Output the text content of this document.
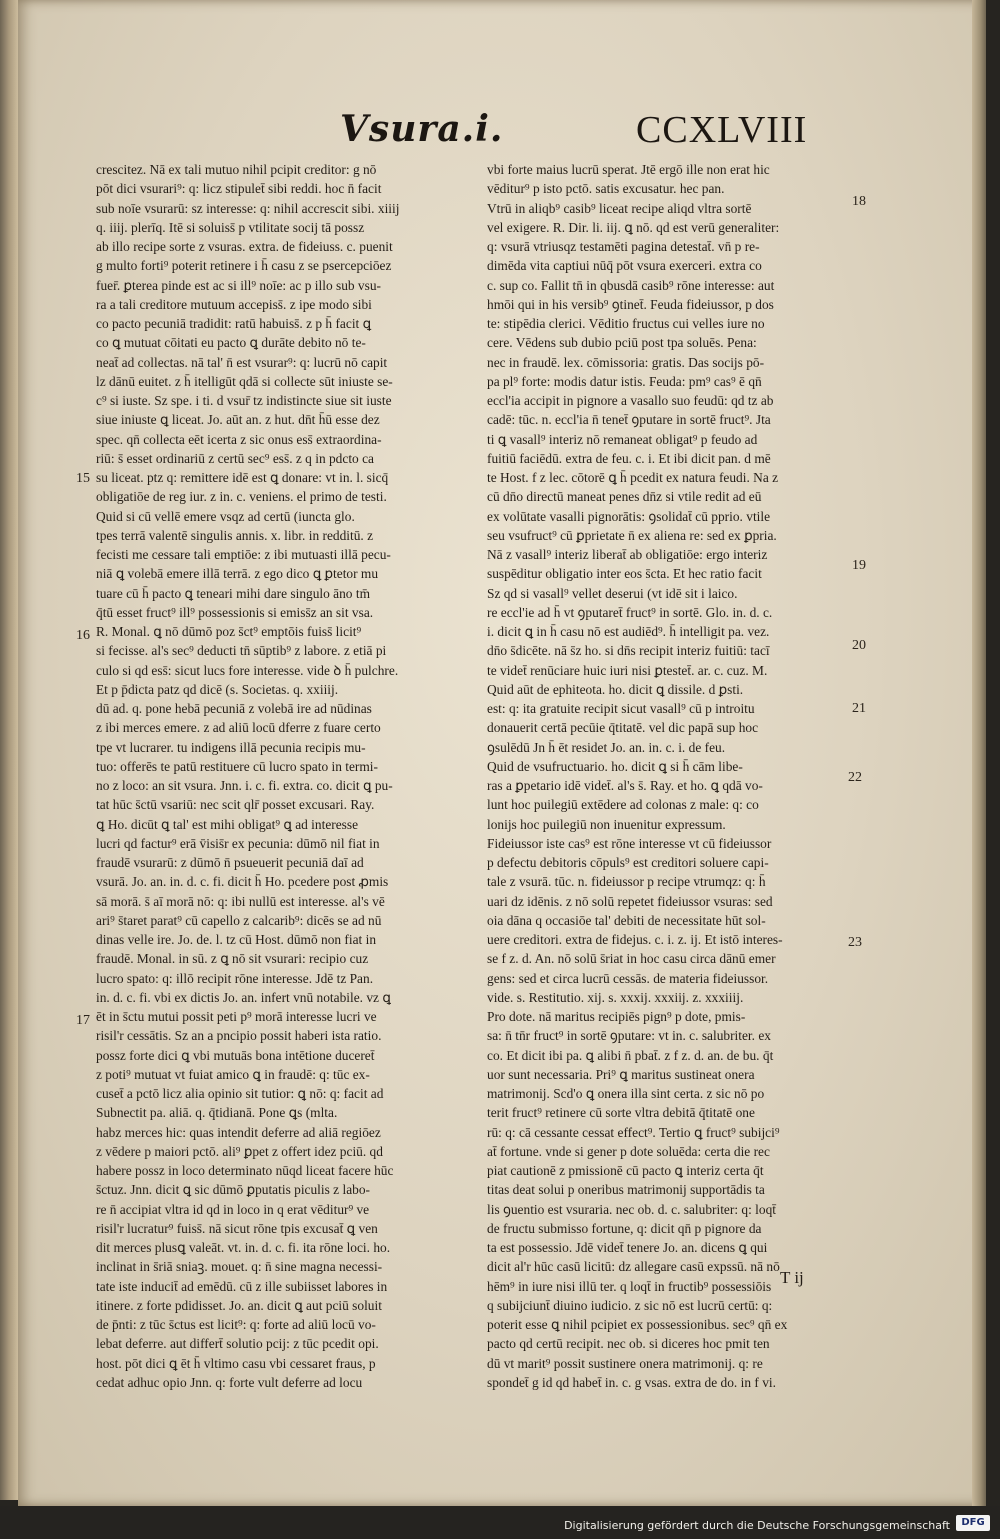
Vsura.i.	CCXLVIII
crescitez. Nā ex tali mutuo nihil pcipit creditor: g nō
pōt dici vsurari⁹: q: licz stipulet̄ sibi reddi. hoc n̄ facit
sub noīe vsurarū: sz interesse: q: nihil accrescit sibi. xiiij
q. iiij. plerīq. Itē si soluiss̄ p vtilitate socij tā possz
ab illo recipe sorte z vsuras. extra. de fideiuss. c. puenit
g multo forti⁹ poterit retinere i h̄ casu z se psercepciōez
fuer̄. ꝑterea pinde est ac si ill⁹ noīe: ac p illo sub vsu-
ra a tali creditore mutuum accepiss̄. z ipe modo sibi
co pacto pecuniā tradidit: ratū habuiss̄. z p h̄ facit ꝗ
co ꝗ mutuat cōitati eu pacto ꝗ durāte debito nō te-
neat̄ ad collectas. nā tal' n̄ est vsurar⁹: q: lucrū nō capit
lz dānū euitet. z h̄ itelligūt qdā si collecte sūt iniuste se-
c⁹ si iuste. Sz spe. i ti. d vsur̄ tz indistincte siue sit iuste
siue iniuste ꝗ liceat. Jo. aūt an. z hut. dn̄t h̄ū esse dez
spec. qn̄ collecta eēt icerta z sic onus ess̄ extraordina-
riū: s̄ esset ordinariū z certū sec⁹ ess̄. z q in pdcto ca
su liceat. ptz q: remittere idē est ꝗ donare: vt in. l. sicq̄
obligatiōe de reg iur. z in. c. veniens. el primo de testi.
Quid si cū vellē emere vsqz ad certū (iuncta glo.
tpes terrā valentē singulis annis. x. libr. in redditū. z
fecisti me cessare tali emptiōe: z ibi mutuasti illā pecu-
niā ꝗ volebā emere illā terrā. z ego dico ꝗ ꝑtetor mu
tuare cū h̄ pacto ꝗ teneari mihi dare singulo āno tm̄
q̄tū esset fruct⁹ ill⁹ possessionis si emiss̄z an sit vsa.
R. Monal. ꝗ nō dūmō poz s̄ct⁹ emptōis fuiss̄ licit⁹
si fecisse. al's sec⁹ deducti tn̄ sūptib⁹ z labore. z etiā pi
culo si qd ess̄: sicut lucs fore interesse. vide ꝺ h̄ pulchre.
Et p p̄dicta patz qd dicē (s. Societas. q. xxiiij.
dū ad. q. pone hebā pecuniā z volebā ire ad nūdinas
z ibi merces emere. z ad aliū locū dferre z fuare certo
tpe vt lucrarer. tu indigens illā pecunia recipis mu-
tuo: offerēs te patū restituere cū lucro spato in termi-
no z loco: an sit vsura. Jnn. i. c. fi. extra. co. dicit ꝗ pu-
tat hūc s̄ctū vsariū: nec scit qlr̄ posset excusari. Ray.
ꝗ Ho. dicūt ꝗ tal' est mihi obligat⁹ ꝗ ad interesse
lucri qd factur⁹ erā v̄isis̄r ex pecunia: dūmō nil fiat in
fraudē vsurarū: z dūmō n̄ psueuerit pecuniā daī ad
vsurā. Jo. an. in. d. c. fi. dicit h̄ Ho. pcedere post ꝓmis
sā morā. s̄ aī morā nō: q: ibi nullū est interesse. al's vē
ari⁹ s̄taret parat⁹ cū capello z calcarib⁹: dicēs se ad nū
dinas velle ire. Jo. de. l. tz cū Host. dūmō non fiat in
fraudē. Monal. in sū. z ꝗ nō sit vsurari: recipio cuz
lucro spato: q: illō recipit rōne interesse. Jdē tz Pan.
in. d. c. fi. vbi ex dictis Jo. an. infert vnū notabile. vz ꝗ
ēt in s̄ctu mutui possit peti p⁹ morā interesse lucri ve
risil'r cessātis. Sz an a pncipio possit haberi ista ratio.
possz forte dici ꝗ vbi mutuās bona intētione duceret̄
z poti⁹ mutuat vt fuiat amico ꝗ in fraudē: q: tūc ex-
cuset̄ a pctō licz alia opinio sit tutior: ꝗ nō: q: facit ad
Subnectit pa. aliā. q. q̄tidianā. Pone ꝗs (mlta.
habz merces hic: quas intendit deferre ad aliā regiōez
z vēdere p maiori pctō. ali⁹ ꝑpet z offert idez pciū. qd
habere possz in loco determinato nūqd liceat facere hūc
s̄ctuz. Jnn. dicit ꝗ sic dūmō ꝑputatis piculis z labo-
re n̄ accipiat vltra id qd in loco in q erat vēditur⁹ ve
risil'r lucratur⁹ fuiss̄. nā sicut rōne tpis excusat̄ ꝗ ven
dit merces plusꝗ valeāt. vt. in. d. c. fi. ita rōne loci. ho.
inclinat in s̄riā sniaꝫ. mouet. q: n̄ sine magna necessi-
tate iste inducit̄ ad emēdū. cū z ille subiisset labores in
itinere. z forte pdidisset. Jo. an. dicit ꝗ aut pciū soluit
de p̄nti: z tūc s̄ctus est licit⁹: q: forte ad aliū locū vo-
lebat deferre. aut differt̄ solutio pcij: z tūc pcedit opi.
host. pōt dici ꝗ ēt h̄ vltimo casu vbi cessaret fraus, p
cedat adhuc opio Jnn. q: forte vult deferre ad locu
vbi forte maius lucrū sperat. Jtē ergō ille non erat hic
vēditur⁹ p isto pctō. satis excusatur. hec pan.
Vtrū in aliqb⁹ casib⁹ liceat recipe aliqd vltra sortē
vel exigere. R. Dir. li. iij. ꝗ nō. qd est verū generaliter:
q: vsurā vtriusqz testamēti pagina detestat̄. vn̄ p re-
dimēda vita captiui nūq̄ pōt vsura exerceri. extra co
c. sup co. Fallit tn̄ in qbusdā casib⁹ rōne interesse: aut
hmōi qui in his versib⁹ ꝯtinet̄. Feuda fideiussor, p dos
te: stipēdia clerici. Vēditio fructus cui velles iure no
cere. Vēdens sub dubio pciū post tpa soluēs. Pena:
nec in fraudē. lex. cōmissoria: gratis. Das socijs pō-
pa pl⁹ forte: modis datur istis. Feuda: pm⁹ cas⁹ ē qn̄
eccl'ia accipit in pignore a vasallo suo feudū: qd tz ab
cadē: tūc. n. eccl'ia n̄ tenet̄ ꝯputare in sortē fruct⁹. Jta
ti ꝗ vasall⁹ interiz nō remaneat obligat⁹ p feudo ad
fuitiū faciēdū. extra de feu. c. i. Et ibi dicit pan. d mē
te Host. f z lec. cōtorē ꝗ h̄ pcedit ex natura feudi. Na z
cū dn̄o directū maneat penes dn̄z si vtile redit ad eū
ex volūtate vasalli pignorātis: ꝯsolidat̄ cū pprio. vtile
seu vsufruct⁹ cū ꝑprietate n̄ ex aliena re: sed ex ꝑpria.
Nā z vasall⁹ interiz liberat̄ ab obligatiōe: ergo interiz
suspēditur obligatio inter eos s̄cta. Et hec ratio facit
Sz qd si vasall⁹ vellet deserui (vt idē sit i laico.
re eccl'ie ad h̄ vt ꝯputaret̄ fruct⁹ in sortē. Glo. in. d. c.
i. dicit ꝗ in h̄ casu nō est audiēd⁹. h̄ intelligit pa. vez.
dn̄o s̄dicēte. nā s̄z ho. si dn̄s recipit interiz fuitiū: tacī
te videt̄ renūciare huic iuri nisi ꝑtestet̄. ar. c. cuz. M.
Quid aūt de ephiteota. ho. dicit ꝗ dissile. d ꝑsti.
est: q: ita gratuite recipit sicut vasall⁹ cū p introitu
donauerit certā pecūie q̄titatē. vel dic papā sup hoc
ꝯsulēdū Jn h̄ ēt residet Jo. an. in. c. i. de feu.
Quid de vsufructuario. ho. dicit ꝗ si h̄ cām libe-
ras a ꝑpetario idē videt̄. al's s̄. Ray. et ho. ꝗ qdā vo-
lunt hoc puilegiū extēdere ad colonas z male: q: co
lonijs hoc puilegiū non inuenitur expressum.
Fideiussor iste cas⁹ est rōne interesse vt cū fideiussor
p defectu debitoris cōpuls⁹ est creditori soluere capi-
tale z vsurā. tūc. n. fideiussor p recipe vtrumqz: q: h̄
uari dz idēnis. z nō solū repetet fideiussor vsuras: sed
oia dāna q occasiōe tal' debiti de necessitate hūt sol-
uere creditori. extra de fidejus. c. i. z. ij. Et istō interes-
se f z. d. An. nō solū s̄riat in hoc casu circa dānū emer
gens: sed et circa lucrū cessās. de materia fideiussor.
vide. s. Restitutio. xij. s. xxxij. xxxiij. z. xxxiiij.
Pro dote. nā maritus recipiēs pign⁹ p dote, pmis-
sa: n̄ tn̄r fruct⁹ in sortē ꝯputare: vt in. c. salubriter. ex
co. Et dicit ibi pa. ꝗ alibi n̄ pbat̄. z f z. d. an. de bu. q̄t
uor sunt necessaria. Pri⁹ ꝗ maritus sustineat onera
matrimonij. Scd'o ꝗ onera illa sint certa. z sic nō po
terit fruct⁹ retinere cū sorte vltra debitā q̄titatē one
rū: q: cā cessante cessat effect⁹. Tertio ꝗ fruct⁹ subijci⁹
at̄ fortune. vnde si gener p dote soluēda: certa die rec
piat cautionē z pmissionē cū pacto ꝗ interiz certa q̄t
titas deat solui p oneribus matrimonij supportādis ta
lis ꝯuentio est vsuraria. nec ob. d. c. salubriter: q: loqt̄
de fructu submisso fortune, q: dicit qn̄ p pignore da
ta est possessio. Jdē videt̄ tenere Jo. an. dicens ꝗ qui
dicit al'r hūc casū licitū: dz allegare casū expssū. nā nō
hēm⁹ in iure nisi illū ter. q loqt̄ in fructib⁹ possessiōis
q subijciunt̄ diuino iudicio. z sic nō est lucrū certū: q:
poterit esse ꝗ nihil pcipiet ex possessionibus. sec⁹ qn̄ ex
pacto qd certū recipit. nec ob. si diceres hoc pmit ten
dū vt marit⁹ possit sustinere onera matrimonij. q: re
spondet̄ g id qd habet̄ in. c. g vsas. extra de do. in f vi.
15
16
17
18
19
20
21
22
23
T ij
Digitalisierung gefördert durch die Deutsche Forschungsgemeinschaft	DFG
